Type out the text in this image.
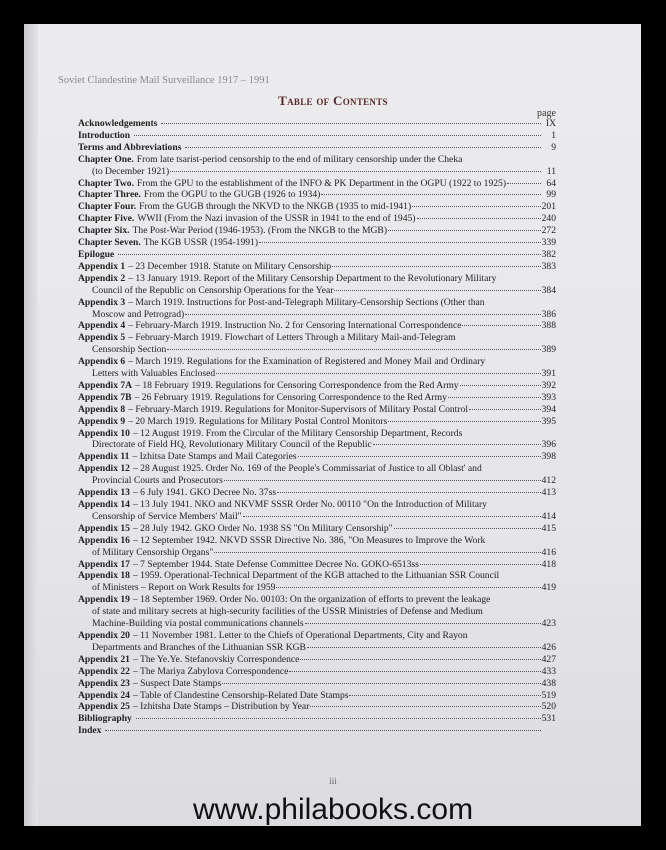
Soviet Clandestine Mail Surveillance 1917 – 1991
Table of Contents
page
Acknowledgements	IX
Introduction	1
Terms and Abbreviations	9
Chapter One. From late tsarist-period censorship to the end of military censorship under the Cheka
(to December 1921)	11
Chapter Two. From the GPU to the establishment of the INFO & PK Department in the OGPU (1922 to 1925)	64
Chapter Three. From the OGPU to the GUGB (1926 to 1934)	99
Chapter Four. From the GUGB through the NKVD to the NKGB (1935 to mid-1941)	201
Chapter Five. WWII (From the Nazi invasion of the USSR in 1941 to the end of 1945)	240
Chapter Six. The Post-War Period (1946-1953). (From the NKGB to the MGB)	272
Chapter Seven. The KGB USSR (1954-1991)	339
Epilogue	382
Appendix 1 – 23 December 1918. Statute on Military Censorship	383
Appendix 2 – 13 January 1919. Report of the Military Censorship Department to the Revolutionary Military
Council of the Republic on Censorship Operations for the Year	384
Appendix 3 – March 1919. Instructions for Post-and-Telegraph Military-Censorship Sections (Other than
Moscow and Petrograd)	386
Appendix 4 – February-March 1919. Instruction No. 2 for Censoring International Correspondence	388
Appendix 5 – February-March 1919. Flowchart of Letters Through a Military Mail-and-Telegram
Censorship Section	389
Appendix 6 – March 1919. Regulations for the Examination of Registered and Money Mail and Ordinary
Letters with Valuables Enclosed	391
Appendix 7A – 18 February 1919. Regulations for Censoring Correspondence from the Red Army	392
Appendix 7B – 26 February 1919. Regulations for Censoring Correspondence to the Red Army	393
Appendix 8 – February-March 1919. Regulations for Monitor-Supervisors of Military Postal Control	394
Appendix 9 – 20 March 1919. Regulations for Military Postal Control Monitors	395
Appendix 10 – 12 August 1919. From the Circular of the Military Censorship Department, Records
Directorate of Field HQ, Revolutionary Military Council of the Republic	396
Appendix 11 – Izhitsa Date Stamps and Mail Categories	398
Appendix 12 – 28 August 1925. Order No. 169 of the People's Commissariat of Justice to all Oblast' and
Provincial Courts and Prosecutors	412
Appendix 13 – 6 July 1941. GKO Decree No. 37ss	413
Appendix 14 – 13 July 1941. NKO and NKVMF SSSR Order No. 00110 "On the Introduction of Military
Censorship of Service Members' Mail"	414
Appendix 15 – 28 July 1942. GKO Order No. 1938 SS "On Military Censorship"	415
Appendix 16 – 12 September 1942. NKVD SSSR Directive No. 386, "On Measures to Improve the Work
of Military Censorship Organs"	416
Appendix 17 – 7 September 1944. State Defense Committee Decree No. GOKO-6513ss	418
Appendix 18 – 1959. Operational-Technical Department of the KGB attached to the Lithuanian SSR Council
of Ministers – Report on Work Results for 1959	419
Appendix 19 – 18 September 1969. Order No. 00103: On the organization of efforts to prevent the leakage
of state and military secrets at high-security facilities of the USSR Ministries of Defense and Medium
Machine-Building via postal communications channels	423
Appendix 20 – 11 November 1981. Letter to the Chiefs of Operational Departments, City and Rayon
Departments and Branches of the Lithuanian SSR KGB	426
Appendix 21 – The Ye.Ye. Stefanovskiy Correspondence	427
Appendix 22 – The Mariya Zabylova Correspondence	433
Appendix 23 – Suspect Date Stamps	438
Appendix 24 – Table of Clandestine Censorship-Related Date Stamps	519
Appendix 25 – Izhitsha Date Stamps – Distribution by Year	520
Bibliography	531
Index
iii
www.philabooks.com
